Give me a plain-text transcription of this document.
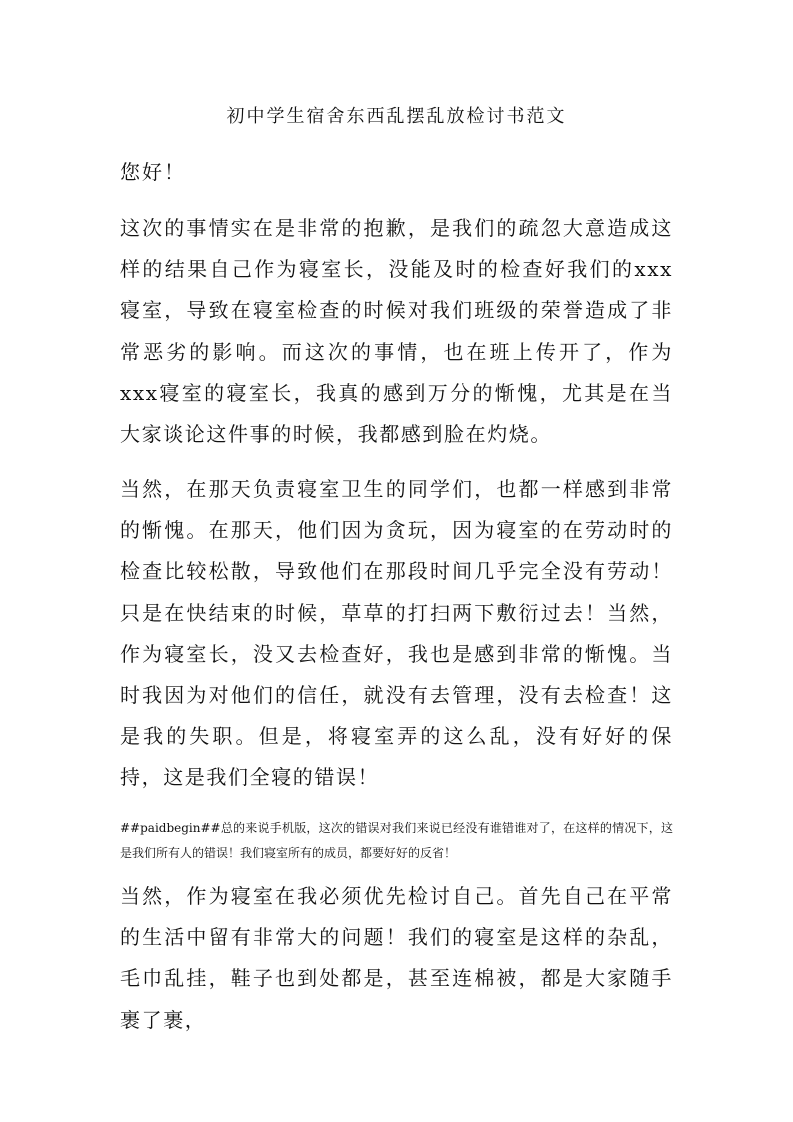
初中学生宿舍东西乱摆乱放检讨书范文
您好！

这次的事情实在是非常的抱歉，是我们的疏忽大意造成这样的结果自己作为寝室长，没能及时的检查好我们的xxx寝室，导致在寝室检查的时候对我们班级的荣誉造成了非常恶劣的影响。而这次的事情，也在班上传开了，作为xxx寝室的寝室长，我真的感到万分的惭愧，尤其是在当大家谈论这件事的时候，我都感到脸在灼烧。

当然，在那天负责寝室卫生的同学们，也都一样感到非常的惭愧。在那天，他们因为贪玩，因为寝室的在劳动时的检查比较松散，导致他们在那段时间几乎完全没有劳动！只是在快结束的时候，草草的打扫两下敷衍过去！当然，作为寝室长，没又去检查好，我也是感到非常的惭愧。当时我因为对他们的信任，就没有去管理，没有去检查！这是我的失职。但是，将寝室弄的这么乱，没有好好的保持，这是我们全寝的错误！

##paidbegin##总的来说手机版，这次的错误对我们来说已经没有谁错谁对了，在这样的情况下，这是我们所有人的错误！我们寝室所有的成员，都要好好的反省！

当然，作为寝室在我必须优先检讨自己。首先自己在平常的生活中留有非常大的问题！我们的寝室是这样的杂乱，毛巾乱挂，鞋子也到处都是，甚至连棉被，都是大家随手裹了裹，
